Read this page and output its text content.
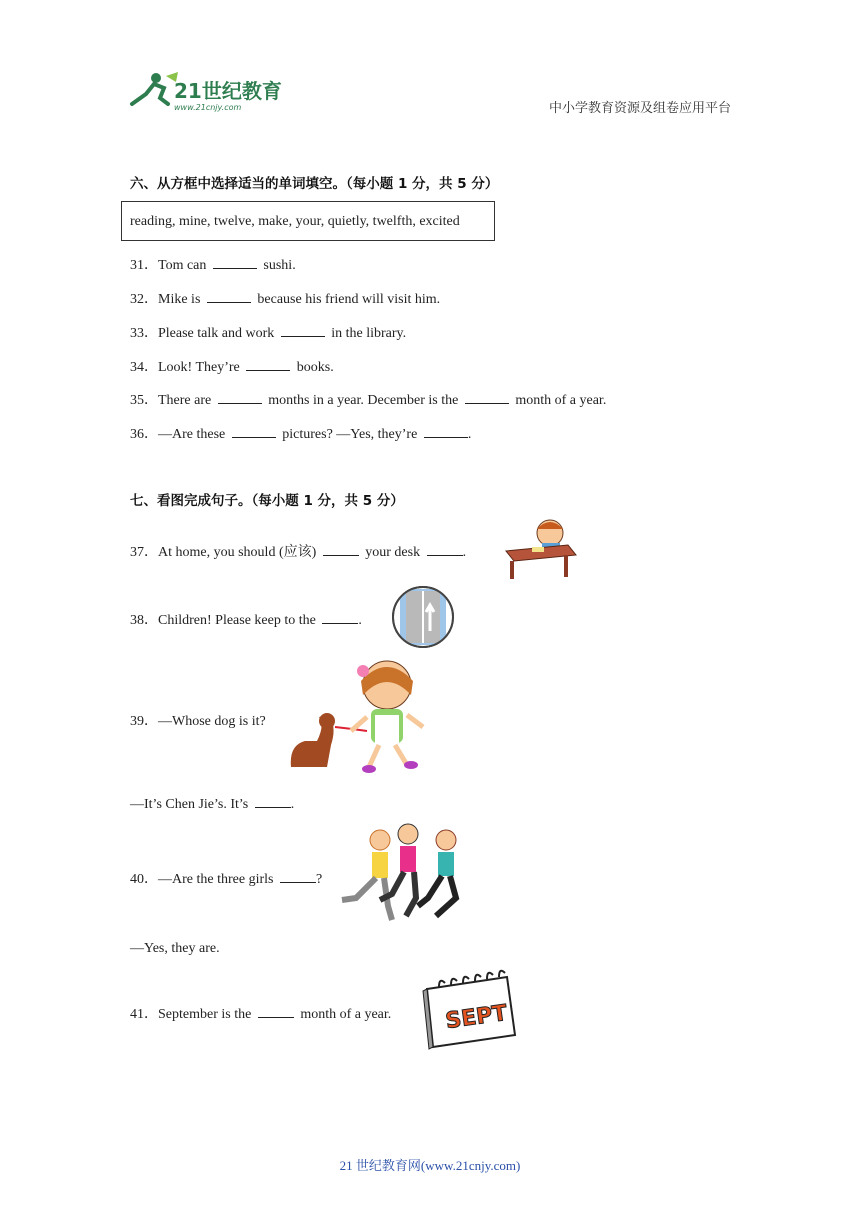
21世纪教育
www.21cnjy.com	中小学教育资源及组卷应用平台
六、从方框中选择适当的单词填空。（每小题 1 分，共 5 分）
reading, mine, twelve, make, your, quietly, twelfth, excited
31．Tom can	sushi.
32．Mike is	because his friend will visit him.
33．Please talk and work	in the library.
34．Look! They’re	books.
35．There are	months in a year. December is the	month of a year.
36．—Are these	pictures? —Yes, they’re	.
七、看图完成句子。（每小题 1 分，共 5 分）
37．At home, you should (应该)	your desk	.
38．Children! Please keep to the	.
39．—Whose dog is it?
—It’s Chen Jie’s. It’s	.
40．—Are the three girls	?
—Yes, they are.
41．September is the	month of a year. SEPT
21 世纪教育网(www.21cnjy.com)
